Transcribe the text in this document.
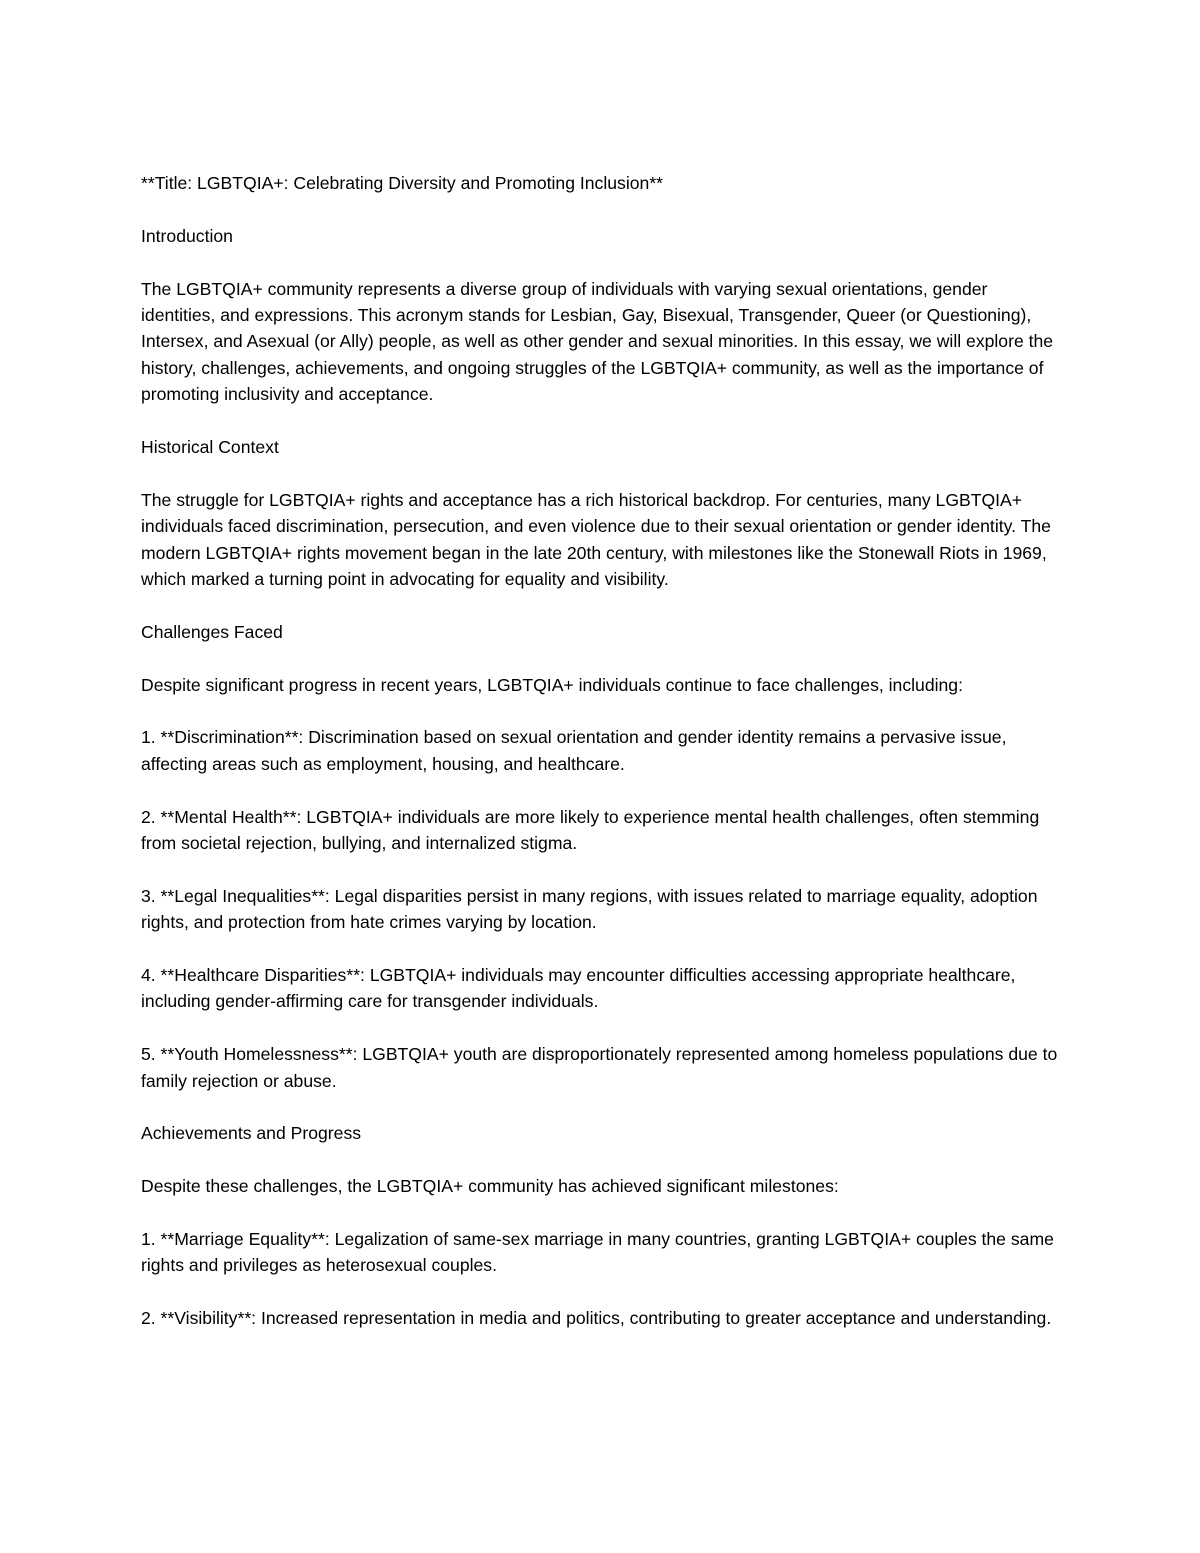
**Title: LGBTQIA+: Celebrating Diversity and Promoting Inclusion**

Introduction

The LGBTQIA+ community represents a diverse group of individuals with varying sexual orientations, gender identities, and expressions. This acronym stands for Lesbian, Gay, Bisexual, Transgender, Queer (or Questioning), Intersex, and Asexual (or Ally) people, as well as other gender and sexual minorities. In this essay, we will explore the history, challenges, achievements, and ongoing struggles of the LGBTQIA+ community, as well as the importance of promoting inclusivity and acceptance.

Historical Context

The struggle for LGBTQIA+ rights and acceptance has a rich historical backdrop. For centuries, many LGBTQIA+ individuals faced discrimination, persecution, and even violence due to their sexual orientation or gender identity. The modern LGBTQIA+ rights movement began in the late 20th century, with milestones like the Stonewall Riots in 1969, which marked a turning point in advocating for equality and visibility.

Challenges Faced

Despite significant progress in recent years, LGBTQIA+ individuals continue to face challenges, including:

1. **Discrimination**: Discrimination based on sexual orientation and gender identity remains a pervasive issue, affecting areas such as employment, housing, and healthcare.

2. **Mental Health**: LGBTQIA+ individuals are more likely to experience mental health challenges, often stemming from societal rejection, bullying, and internalized stigma.

3. **Legal Inequalities**: Legal disparities persist in many regions, with issues related to marriage equality, adoption rights, and protection from hate crimes varying by location.

4. **Healthcare Disparities**: LGBTQIA+ individuals may encounter difficulties accessing appropriate healthcare, including gender-affirming care for transgender individuals.

5. **Youth Homelessness**: LGBTQIA+ youth are disproportionately represented among homeless populations due to family rejection or abuse.

Achievements and Progress

Despite these challenges, the LGBTQIA+ community has achieved significant milestones:

1. **Marriage Equality**: Legalization of same-sex marriage in many countries, granting LGBTQIA+ couples the same rights and privileges as heterosexual couples.

2. **Visibility**: Increased representation in media and politics, contributing to greater acceptance and understanding.
